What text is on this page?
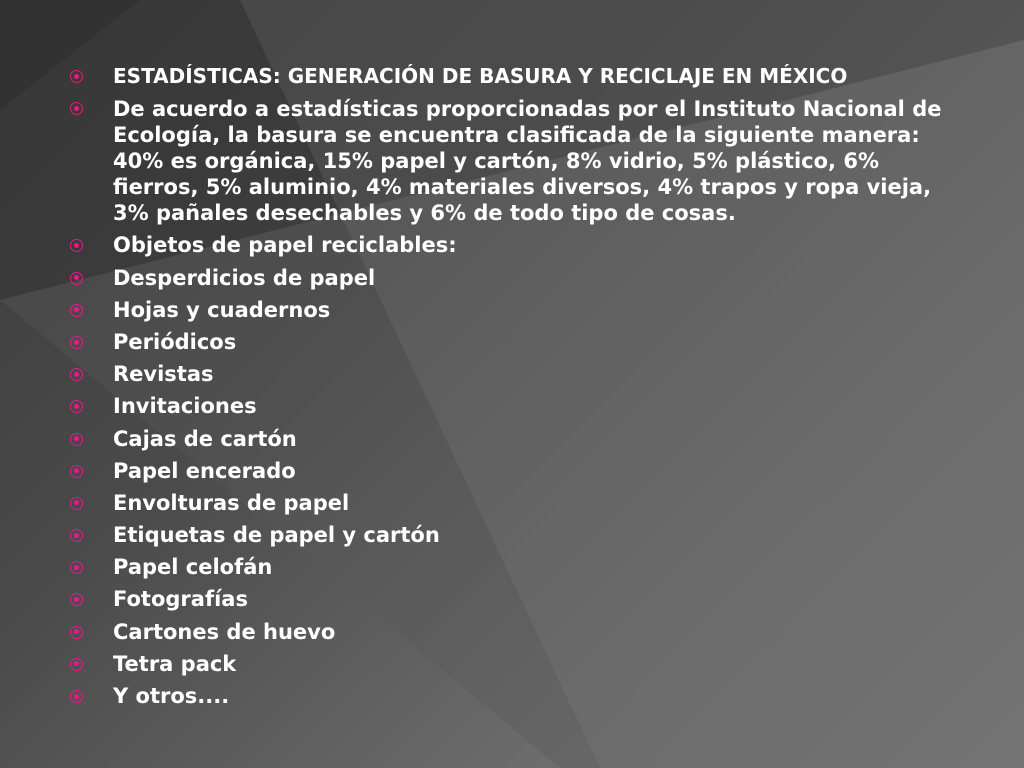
ESTADÍSTICAS: GENERACIÓN DE BASURA Y RECICLAJE EN MÉXICO
De acuerdo a estadísticas proporcionadas por el Instituto Nacional de Ecología, la basura se encuentra clasificada de la siguiente manera: 40% es orgánica, 15% papel y cartón, 8% vidrio, 5% plástico, 6% fierros, 5% aluminio, 4% materiales diversos, 4% trapos y ropa vieja, 3% pañales desechables y 6% de todo tipo de cosas.
Objetos de papel reciclables:
Desperdicios de papel
Hojas y cuadernos
Periódicos
Revistas
Invitaciones
Cajas de cartón
Papel encerado
Envolturas de papel
Etiquetas de papel y cartón
Papel celofán
Fotografías
Cartones de huevo
Tetra pack
Y otros....
